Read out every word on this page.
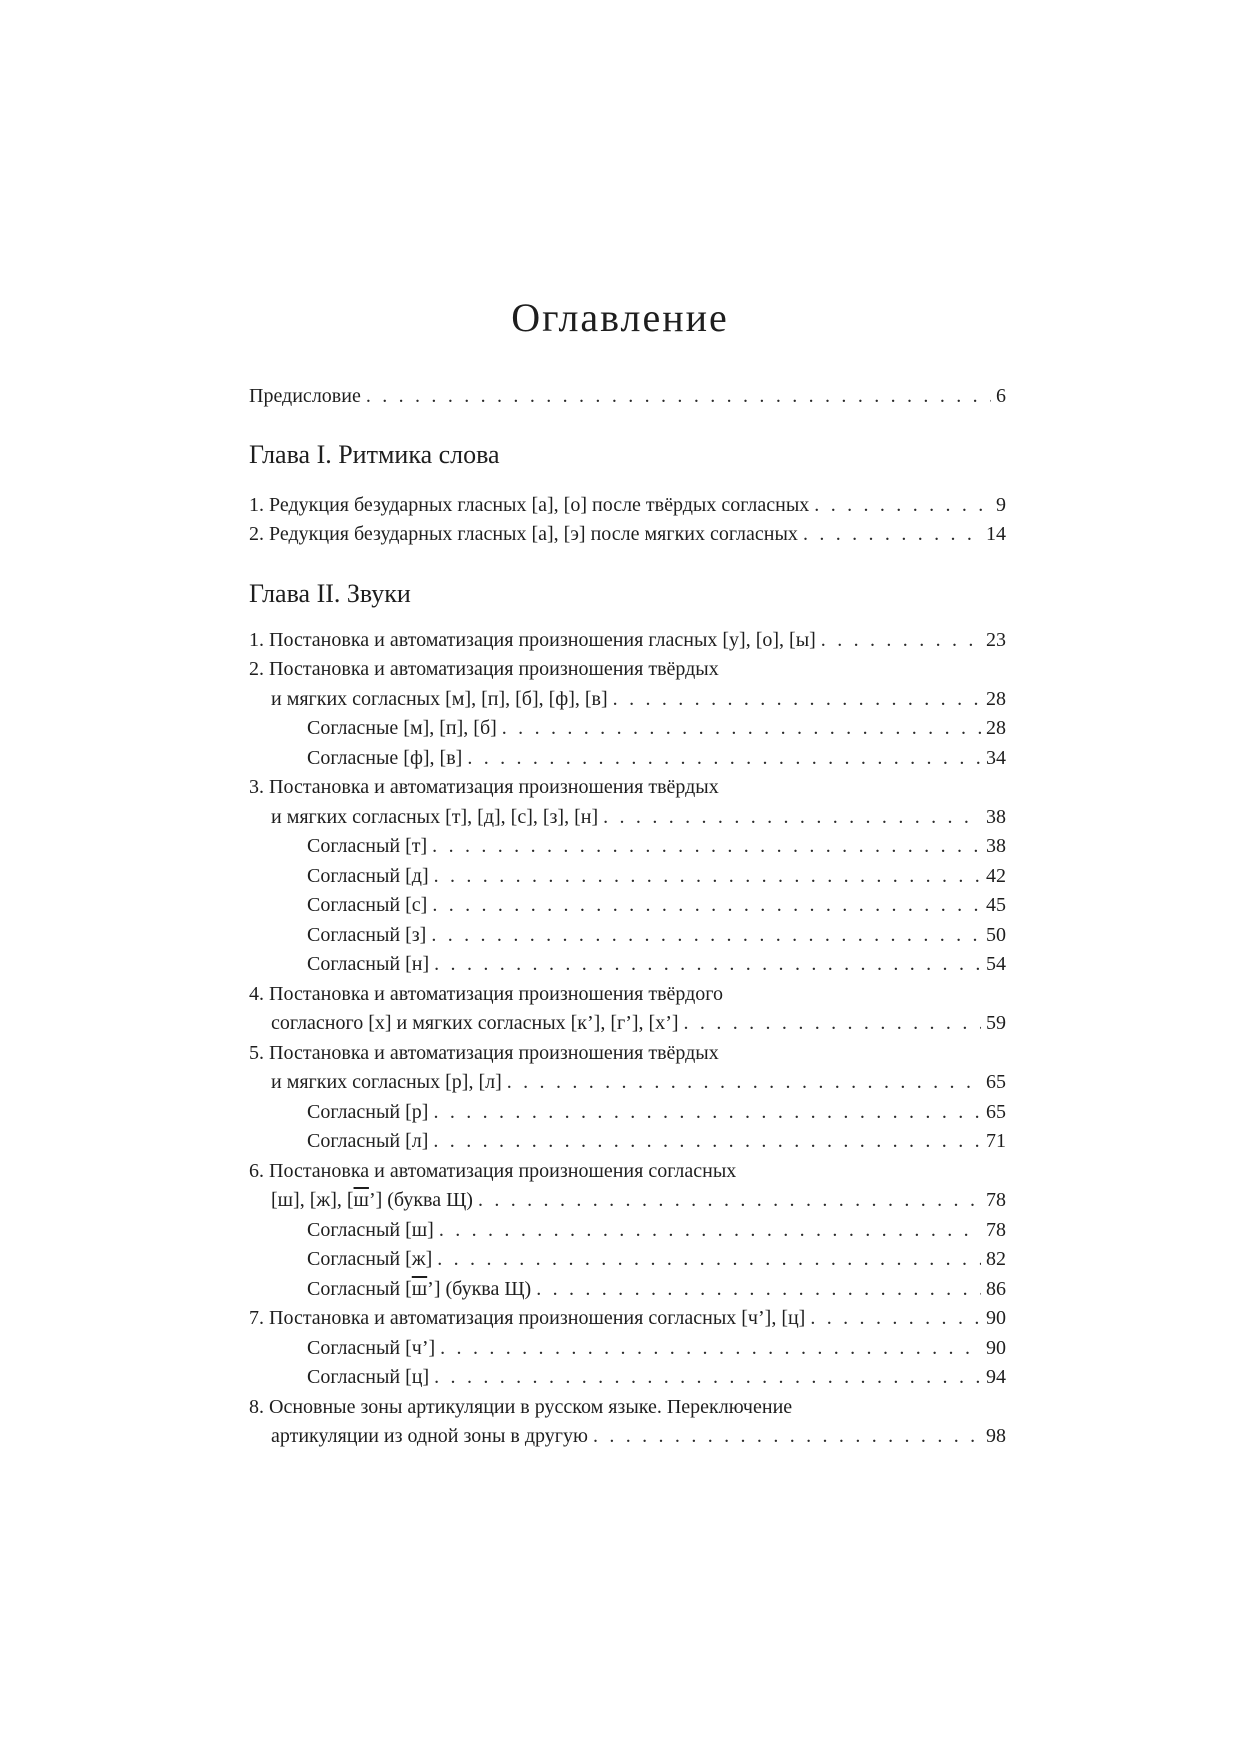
Оглавление
Предисловие . . .	6
Глава I. Ритмика слова
1. Редукция безударных гласных [а], [о] после твёрдых согласных . . .	9
2. Редукция безударных гласных [а], [э] после мягких согласных . . .	14
Глава II. Звуки
1. Постановка и автоматизация произношения гласных [у], [о], [ы] . . .	23
2. Постановка и автоматизация произношения твёрдых
и мягких согласных [м], [п], [б], [ф], [в] . . .	28
Согласные [м], [п], [б] . . .	28
Согласные [ф], [в] . . .	34
3. Постановка и автоматизация произношения твёрдых
и мягких согласных [т], [д], [с], [з], [н] . . .	38
Согласный [т] . . .	38
Согласный [д] . . .	42
Согласный [с] . . .	45
Согласный [з] . . .	50
Согласный [н] . . .	54
4. Постановка и автоматизация произношения твёрдого
согласного [х] и мягких согласных [к’], [г’], [х’] . . .	59
5. Постановка и автоматизация произношения твёрдых
и мягких согласных [р], [л] . . .	65
Согласный [р] . . .	65
Согласный [л] . . .	71
6. Постановка и автоматизация произношения согласных
[ш], [ж], [ш’] (буква Щ) . . .	78
Согласный [ш] . . .	78
Согласный [ж] . . .	82
Согласный [ш’] (буква Щ) . . .	86
7. Постановка и автоматизация произношения согласных [ч’], [ц] . . .	90
Согласный [ч’] . . .	90
Согласный [ц] . . .	94
8. Основные зоны артикуляции в русском языке. Переключение
артикуляции из одной зоны в другую . . .	98
